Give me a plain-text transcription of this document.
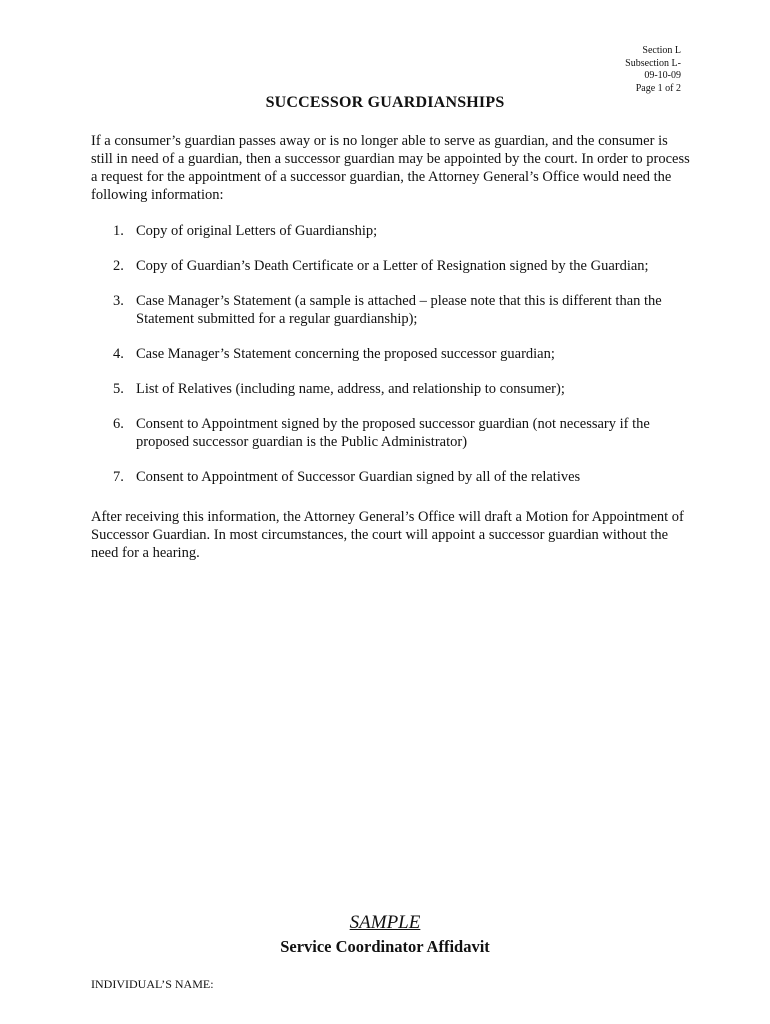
Section L
Subsection L-
09-10-09
Page 1 of 2
SUCCESSOR GUARDIANSHIPS

If a consumer’s guardian passes away or is no longer able to serve as guardian, and the consumer is still in need of a guardian, then a successor guardian may be appointed by the court. In order to process a request for the appointment of a successor guardian, the Attorney General’s Office would need the following information:

1. Copy of original Letters of Guardianship;
2. Copy of Guardian’s Death Certificate or a Letter of Resignation signed by the Guardian;
3. Case Manager’s Statement (a sample is attached – please note that this is different than the Statement submitted for a regular guardianship);
4. Case Manager’s Statement concerning the proposed successor guardian;
5. List of Relatives (including name, address, and relationship to consumer);
6. Consent to Appointment signed by the proposed successor guardian (not necessary if the proposed successor guardian is the Public Administrator)
7. Consent to Appointment of Successor Guardian signed by all of the relatives

After receiving this information, the Attorney General’s Office will draft a Motion for Appointment of Successor Guardian. In most circumstances, the court will appoint a successor guardian without the need for a hearing.

SAMPLE
Service Coordinator Affidavit
INDIVIDUAL’S NAME:
